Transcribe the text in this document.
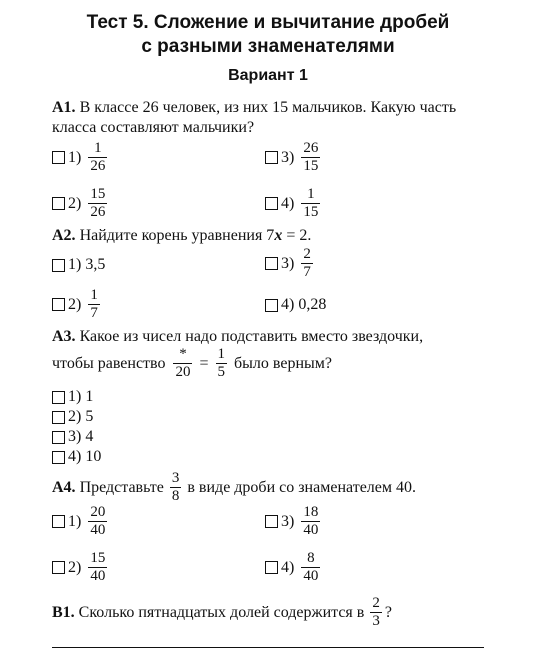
Тест 5. Сложение и вычитание дробей
с разными знаменателями
Вариант 1
А1. В классе 26 человек, из них 15 мальчиков. Какую часть
класса составляют мальчики?
$1) \frac{1}{26}$	$3) \frac{26}{15}$
$2) \frac{15}{26}$	$4) \frac{1}{15}$
А2. Найдите корень уравнения 7x = 2.
1) 3,5	$3) \frac{2}{7}$
$2) \frac{1}{7}$	4) 0,28
А3. Какое из чисел надо подставить вместо звездочки,
чтобы равенство $\frac{*}{20} = \frac{1}{5}$ было верным?
1) 1
2) 5
3) 4
4) 10
А4. Представьте $\frac{3}{8}$ в виде дроби со знаменателем 40.
$1) \frac{20}{40}$	$3) \frac{18}{40}$
$2) \frac{15}{40}$	$4) \frac{8}{40}$
В1. Сколько пятнадцатых долей содержится в $\frac{2}{3}$ ?
